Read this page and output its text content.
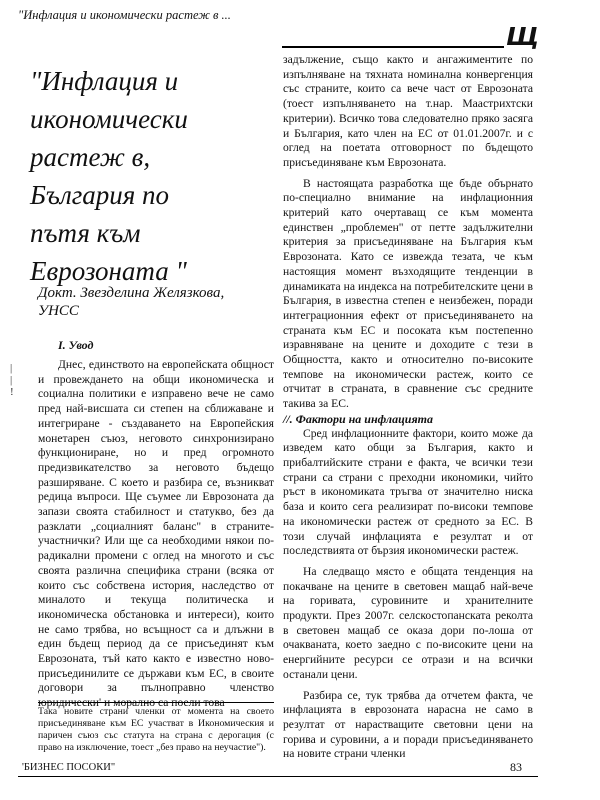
"Инфлация и икономически растеж в ...
Щ
"Инфлация и
икономически
растеж в,
България по
пътя към
Еврозоната "
Докт. Звезделина Желязкова,
УНСС
І. Увод
|
|
!

Днес, единството на европейската общност и провеждането на общи икономическа и социална политики е изправено вече не само пред най-висшата си степен на сближаване и интегриране - създаването на Европейския монетарен съюз, неговото синхронизирано функциониране, но и пред огромното предизвикателство за неговото бъдещо разширяване. С което и разбира се, възникват редица въпроси. Ще съумее ли Еврозоната да запази своята стабилност и статуквo, без да разклати „социалният баланс" в страните-участнички? Или ще са необходими някои по-радикални промени с оглед на многото и със своята различна специфика страни (всяка от които със собствена история, наследство от миналото и текуща политическа и икономическа обстановка и интереси), които не само трябва, но всъщност са и длъжни в един бъдещ период да се присъединят към Еврозоната, тъй като както е известно ново-присъединилите се държави към ЕС, в своите договори за пълноправно членство

задължение, също както и ангажиментите по изпълняване на тяхната номинална конвергенция със страните, които са вече част от Еврозоната (тоест изпълняването на т.нар. Маастрихтски критерии). Всичко това следователно пряко засяга и България, като член на ЕС от 01.01.2007г. и с оглед на поетата отговорност по бъдещото присъединяване към Еврозоната.

В настоящата разработка ще бъде обърнато по-специално внимание на инфлационния критерий като очертаващ се към момента единствен „проблемен" от петте задължителни критерия за присъединяване на България към Еврозоната. Като се извежда тезата, че към настоящия момент възходящите тенденции в динамиката на индекса на потребителските цени в България, в известна степен е неизбежен, поради интеграционния ефект от присъединяването на страната към ЕС и посоката към постепенно изравняване на цените и доходите с тези в Общността, както и относително по-високите темпове на икономически растеж, които се отчитат в страната, в сравнение със средните такива за ЕС.

//. Фактори на инфлацията

Сред инфлационните фактори, които може да изведем като общи за България, както и прибалтийските страни е факта, че всички тези страни са страни с преходни икономики, чийто ръст в икономиката тръгва от значително ниска база и които сега реализират по-високи темпове на икономически растеж от средното за ЕС. В този случай инфлацията е резултат и от последствията от бързия икономически растеж.

На следващо място е общата тенденция на покачване на цените в световен мащаб най-вече на горивата, суровините и хранителните продукти. През 2007г. селскостопанската реколта в световен мащаб се оказа дори по-лоша от очакваната, което заедно с по-високите цени на енергийните ресурси се отрази и на всички останали цени.

Разбира се, тук трябва да отчетем факта, че инфлацията в еврозоната нарасна не само в резултат от нарастващите световни цени на горива и суровини, а и поради присъединяването на новите страни членки

Така новите страни членки от момента на своето присъединяване към ЕС участват в Икономическия и паричен съюз със статута на страна с дерогация (с право на изключение, тоест „без право на неучастие").
'БИЗНЕС ПОСОКИ"	83
